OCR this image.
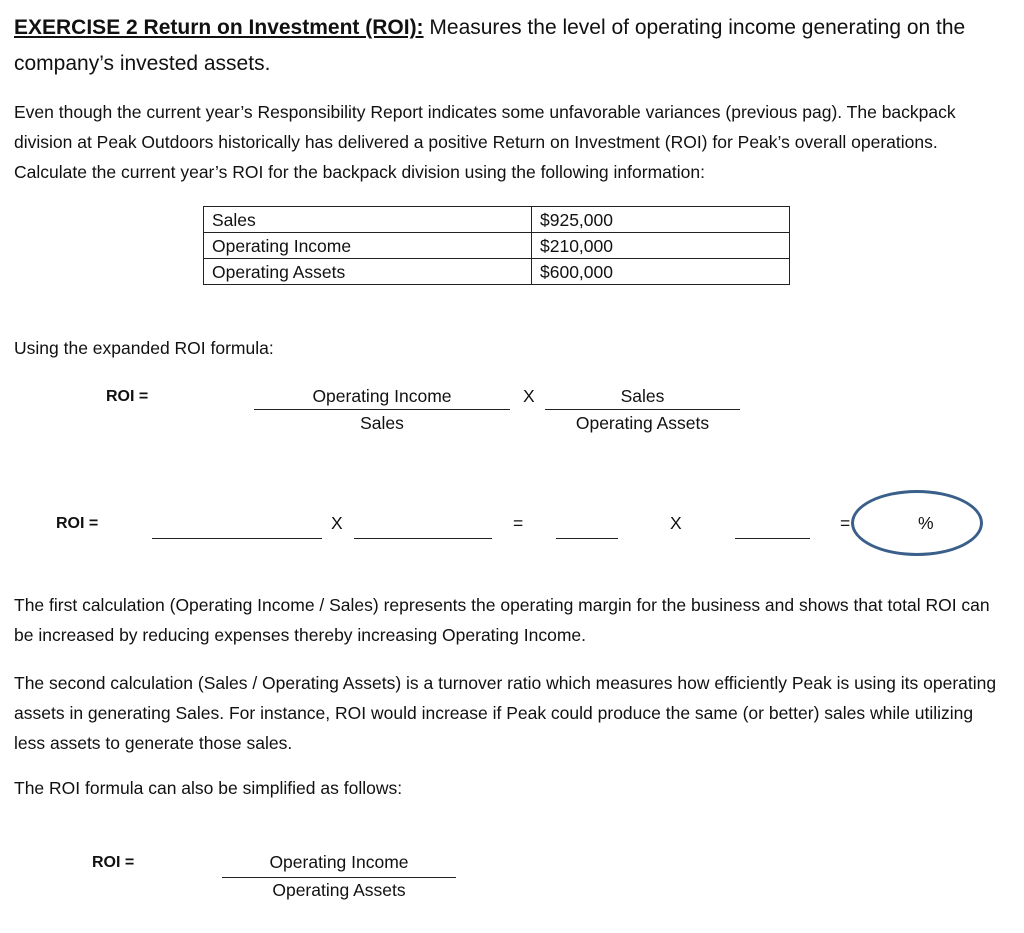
EXERCISE 2 Return on Investment (ROI): Measures the level of operating income generating on the company’s invested assets.
Even though the current year’s Responsibility Report indicates some unfavorable variances (previous pag). The backpack division at Peak Outdoors historically has delivered a positive Return on Investment (ROI) for Peak’s overall operations. Calculate the current year’s ROI for the backpack division using the following information:
Sales	$925,000
Operating Income	$210,000
Operating Assets	$600,000
Using the expanded ROI formula:
ROI =	Operating Income
Sales
X	Sales
Operating Assets
ROI =	X	=	X	=	%
The first calculation (Operating Income / Sales) represents the operating margin for the business and shows that total ROI can be increased by reducing expenses thereby increasing Operating Income.
The second calculation (Sales / Operating Assets) is a turnover ratio which measures how efficiently Peak is using its operating assets in generating Sales. For instance, ROI would increase if Peak could produce the same (or better) sales while utilizing less assets to generate those sales.
The ROI formula can also be simplified as follows:
ROI =	Operating Income
Operating Assets
